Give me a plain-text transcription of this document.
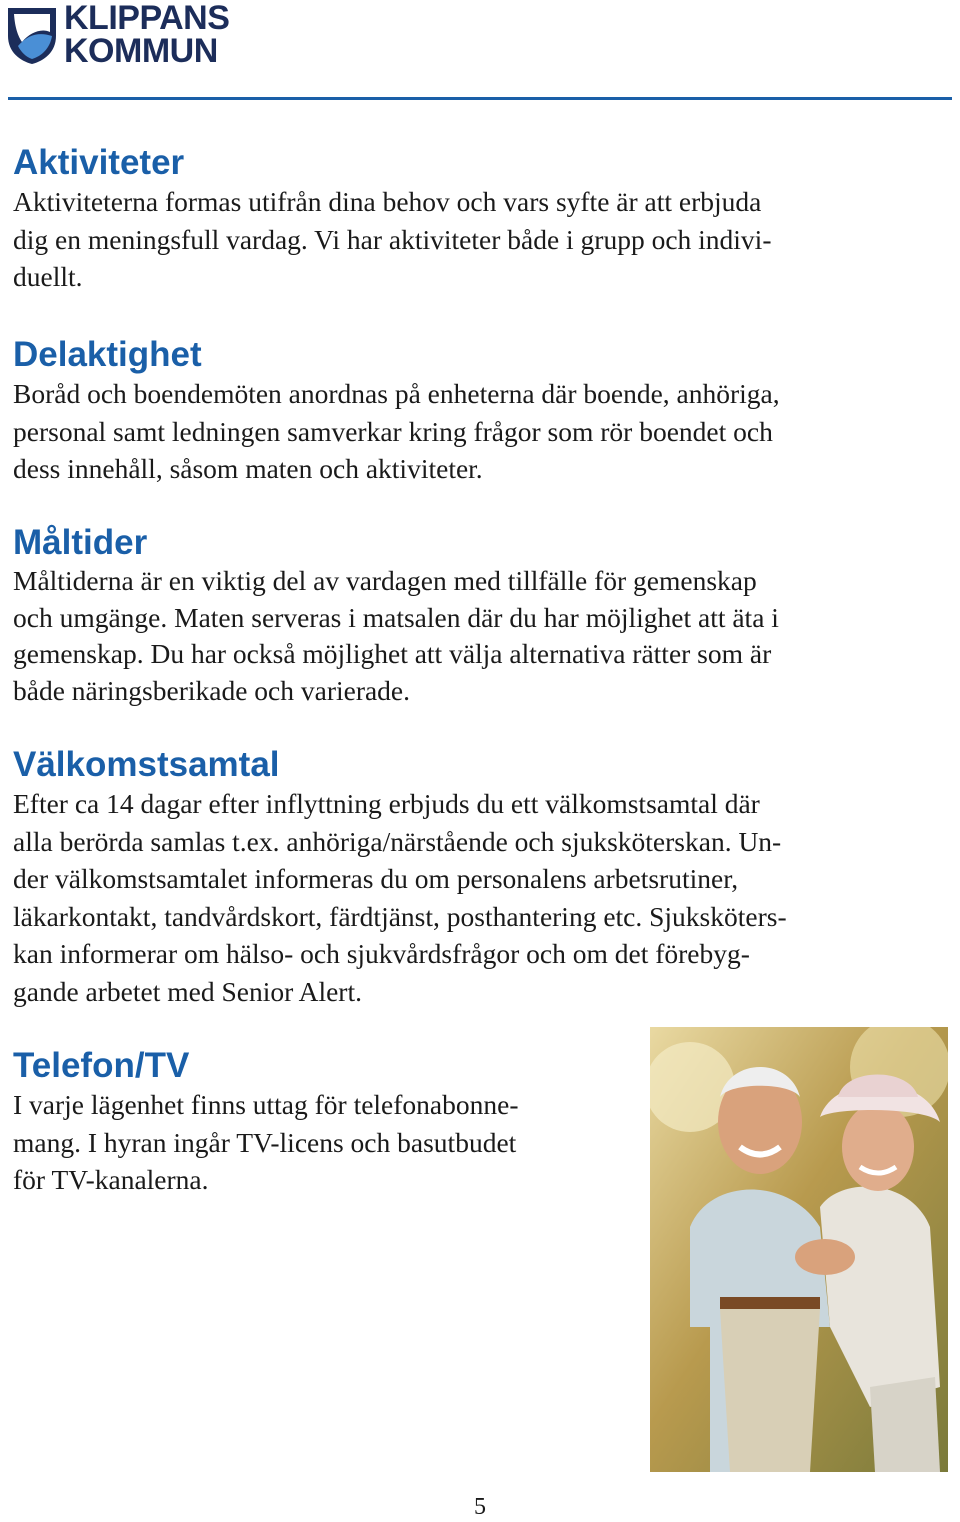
KLIPPANS
KOMMUN
Aktiviteter

Aktiviteterna formas utifrån dina behov och vars syfte är att erbjuda
dig en meningsfull vardag. Vi har aktiviteter både i grupp och indivi-
duellt.

Delaktighet

Boråd och boendemöten anordnas på enheterna där boende, anhöriga,
personal samt ledningen samverkar kring frågor som rör boendet och
dess innehåll, såsom maten och aktiviteter.

Måltider

Måltiderna är en viktig del av vardagen med tillfälle för gemenskap
och umgänge. Maten serveras i matsalen där du har möjlighet att äta i
gemenskap. Du har också möjlighet att välja alternativa rätter som är
både näringsberikade och varierade.

Välkomstsamtal

Efter ca 14 dagar efter inflyttning erbjuds du ett välkomstsamtal där
alla berörda samlas t.ex. anhöriga/närstående och sjuksköterskan. Un-
der välkomstsamtalet informeras du om personalens arbetsrutiner,
läkarkontakt, tandvårdskort, färdtjänst, posthantering etc. Sjuksköters-
kan informerar om hälso- och sjukvårdsfrågor och om det förebyg-
gande arbetet med Senior Alert.

Telefon/TV

I varje lägenhet finns uttag för telefonabonne-
mang. I hyran ingår TV-licens och basutbudet
för TV-kanalerna.

5
